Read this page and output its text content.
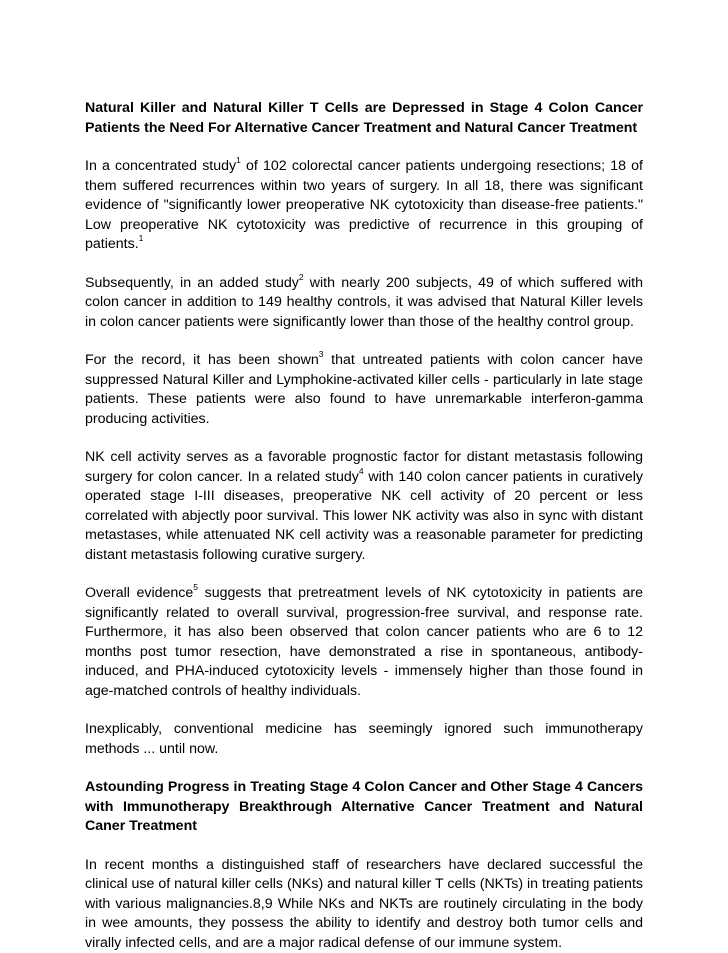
Natural Killer and Natural Killer T Cells are Depressed in Stage 4 Colon Cancer Patients the Need For Alternative Cancer Treatment and Natural Cancer Treatment

In a concentrated study$^1$ of 102 colorectal cancer patients undergoing resections; 18 of them suffered recurrences within two years of surgery. In all 18, there was significant evidence of "significantly lower preoperative NK cytotoxicity than disease-free patients." Low preoperative NK cytotoxicity was predictive of recurrence in this grouping of patients.$^1$

Subsequently, in an added study$^2$ with nearly 200 subjects, 49 of which suffered with colon cancer in addition to 149 healthy controls, it was advised that Natural Killer levels in colon cancer patients were significantly lower than those of the healthy control group.

For the record, it has been shown$^3$ that untreated patients with colon cancer have suppressed Natural Killer and Lymphokine-activated killer cells - particularly in late stage patients. These patients were also found to have unremarkable interferon-gamma producing activities.

NK cell activity serves as a favorable prognostic factor for distant metastasis following surgery for colon cancer. In a related study$^4$ with 140 colon cancer patients in curatively operated stage I-III diseases, preoperative NK cell activity of 20 percent or less correlated with abjectly poor survival. This lower NK activity was also in sync with distant metastases, while attenuated NK cell activity was a reasonable parameter for predicting distant metastasis following curative surgery.

Overall evidence$^5$ suggests that pretreatment levels of NK cytotoxicity in patients are significantly related to overall survival, progression-free survival, and response rate. Furthermore, it has also been observed that colon cancer patients who are 6 to 12 months post tumor resection, have demonstrated a rise in spontaneous, antibody-induced, and PHA-induced cytotoxicity levels - immensely higher than those found in age-matched controls of healthy individuals.

Inexplicably, conventional medicine has seemingly ignored such immunotherapy methods ... until now.

Astounding Progress in Treating Stage 4 Colon Cancer and Other Stage 4 Cancers with Immunotherapy Breakthrough Alternative Cancer Treatment and Natural Caner Treatment

In recent months a distinguished staff of researchers have declared successful the clinical use of natural killer cells (NKs) and natural killer T cells (NKTs) in treating patients with various malignancies.8,9 While NKs and NKTs are routinely circulating in the body in wee amounts, they possess the ability to identify and destroy both tumor cells and virally infected cells, and are a major radical defense of our immune system.
